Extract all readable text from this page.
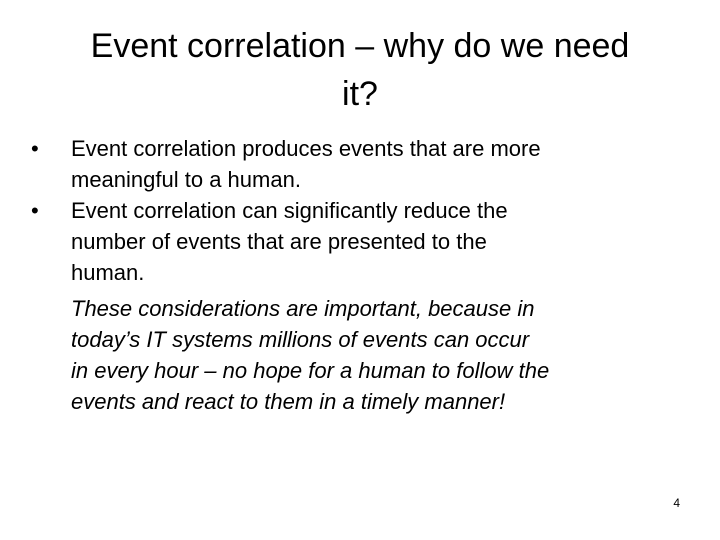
Event correlation – why do we need
it?
•	Event correlation produces events that are more
meaningful to a human.
•	Event correlation can significantly reduce the
number of events that are presented to the
human.
These considerations are important, because in
today’s IT systems millions of events can occur
in every hour – no hope for a human to follow the
events and react to them in a timely manner!
4
